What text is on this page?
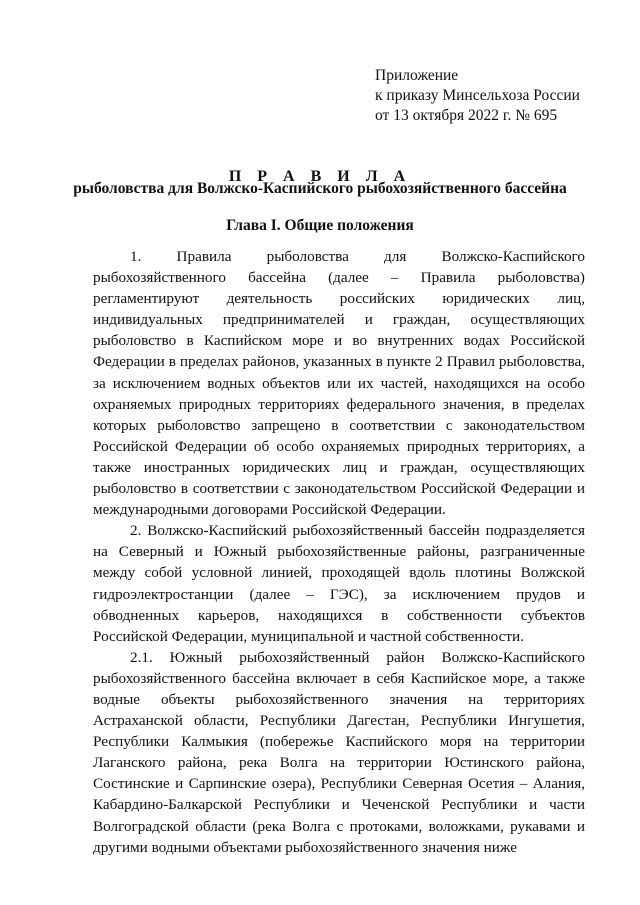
Приложение
к приказу Минсельхоза России
от 13 октября 2022 г. № 695
П Р А В И Л А
рыболовства для Волжско-Каспийского рыбохозяйственного бассейна
Глава I. Общие положения

1. Правила рыболовства для Волжско-Каспийского рыбохозяйственного бассейна (далее – Правила рыболовства) регламентируют деятельность российских юридических лиц, индивидуальных предпринимателей и граждан, осуществляющих рыболовство в Каспийском море и во внутренних водах Российской Федерации в пределах районов, указанных в пункте 2 Правил рыболовства, за исключением водных объектов или их частей, находящихся на особо охраняемых природных территориях федерального значения, в пределах которых рыболовство запрещено в соответствии с законодательством Российской Федерации об особо охраняемых природных территориях, а также иностранных юридических лиц и граждан, осуществляющих рыболовство в соответствии с законодательством Российской Федерации и международными договорами Российской Федерации.

2. Волжско-Каспийский рыбохозяйственный бассейн подразделяется на Северный и Южный рыбохозяйственные районы, разграниченные между собой условной линией, проходящей вдоль плотины Волжской гидроэлектростанции (далее – ГЭС), за исключением прудов и обводненных карьеров, находящихся в собственности субъектов Российской Федерации, муниципальной и частной собственности.

2.1. Южный рыбохозяйственный район Волжско-Каспийского рыбохозяйственного бассейна включает в себя Каспийское море, а также водные объекты рыбохозяйственного значения на территориях Астраханской области, Республики Дагестан, Республики Ингушетия, Республики Калмыкия (побережье Каспийского моря на территории Лаганского района, река Волга на территории Юстинского района, Состинские и Сарпинские озера), Республики Северная Осетия – Алания, Кабардино-Балкарской Республики и Чеченской Республики и части Волгоградской области (река Волга с протоками, воложками, рукавами и другими водными объектами рыбохозяйственного значения ниже
